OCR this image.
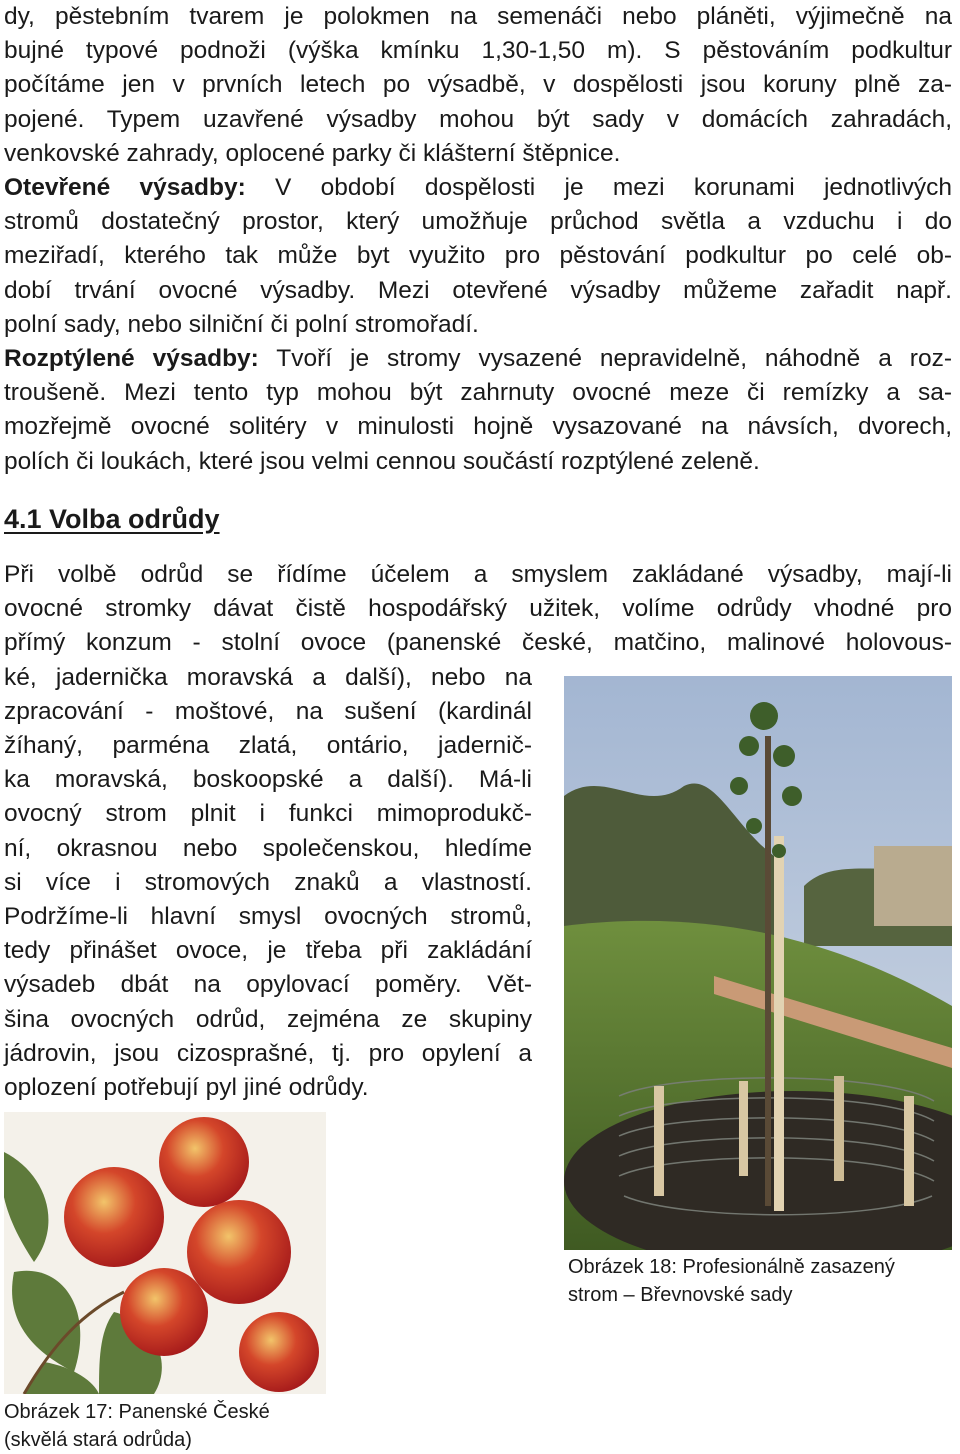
dy, pěstebním tvarem je polokmen na semenáči nebo pláněti, výjimečně na
bujné typové podnoži (výška kmínku 1,30-1,50 m). S pěstováním podkultur
počítáme jen v prvních letech po výsadbě, v dospělosti jsou koruny plně za-
pojené. Typem uzavřené výsadby mohou být sady v domácích zahradách,
venkovské zahrady, oplocené parky či klášterní štěpnice.
Otevřené výsadby: V období dospělosti je mezi korunami jednotlivých
stromů dostatečný prostor, který umožňuje průchod světla a vzduchu i do
meziřadí, kterého tak může byt využito pro pěstování podkultur po celé ob-
dobí trvání ovocné výsadby. Mezi otevřené výsadby můžeme zařadit např.
polní sady, nebo silniční či polní stromořadí.
Rozptýlené výsadby: Tvoří je stromy vysazené nepravidelně, náhodně a roz-
troušeně. Mezi tento typ mohou být zahrnuty ovocné meze či remízky a sa-
mozřejmě ovocné solitéry v minulosti hojně vysazované na návsích, dvorech,
polích či loukách, které jsou velmi cennou součástí rozptýlené zeleně.
4.1 Volba odrůdy
Při volbě odrůd se řídíme účelem a smyslem zakládané výsadby, mají-li
ovocné stromky dávat čistě hospodářský užitek, volíme odrůdy vhodné pro
přímý konzum - stolní ovoce (panenské české, matčino, malinové holovous-
ké, jadernička moravská a další), nebo na
zpracování - moštové, na sušení (kardinál
žíhaný, parména zlatá, ontário, jadernič-
ka moravská, boskoopské a další). Má-li
ovocný strom plnit i funkci mimoprodukč-
ní, okrasnou nebo společenskou, hledíme
si více i stromových znaků a vlastností.
Podržíme-li hlavní smysl ovocných stromů,
tedy přinášet ovoce, je třeba při zakládání
výsadeb dbát na opylovací poměry. Vět-
šina ovocných odrůd, zejména ze skupiny
jádrovin, jsou cizosprašné, tj. pro opylení a
oplození potřebují pyl jiné odrůdy.

Obrázek 18: Profesionálně zasazený
strom – Břevnovské sady

Obrázek 17: Panenské České
(skvělá stará odrůda)
